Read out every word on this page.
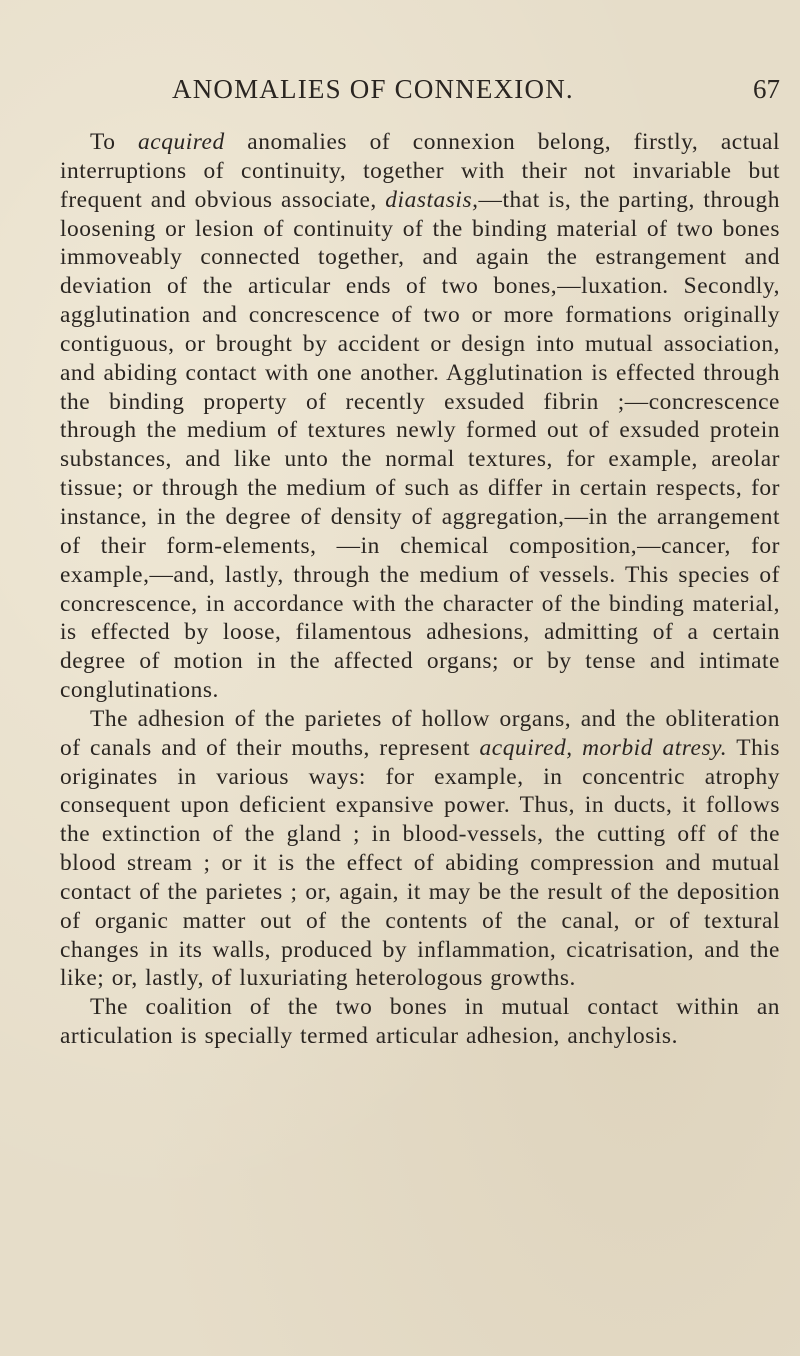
ANOMALIES OF CONNEXION.	67

To acquired anomalies of connexion belong, firstly, actual interruptions of continuity, together with their not invariable but frequent and obvious associate, diastasis,—that is, the parting, through loosening or lesion of continuity of the binding material of two bones immoveably connected together, and again the estrangement and deviation of the articular ends of two bones,—luxation. Secondly, agglutination and concrescence of two or more formations originally contiguous, or brought by accident or design into mutual association, and abiding contact with one another. Agglutination is effected through the binding property of recently exsuded fibrin ;—concrescence through the medium of textures newly formed out of exsuded protein substances, and like unto the normal textures, for example, areolar tissue; or through the medium of such as differ in certain respects, for instance, in the degree of density of aggregation,—in the arrangement of their form-elements, —in chemical composition,—cancer, for example,—and, lastly, through the medium of vessels. This species of concrescence, in accordance with the character of the binding material, is effected by loose, filamentous adhesions, admitting of a certain degree of motion in the affected organs; or by tense and intimate conglutinations.

The adhesion of the parietes of hollow organs, and the obliteration of canals and of their mouths, represent acquired, morbid atresy. This originates in various ways: for example, in concentric atrophy consequent upon deficient expansive power. Thus, in ducts, it follows the extinction of the gland ; in blood-vessels, the cutting off of the blood stream ; or it is the effect of abiding compression and mutual contact of the parietes ; or, again, it may be the result of the deposition of organic matter out of the contents of the canal, or of textural changes in its walls, produced by inflammation, cicatrisation, and the like; or, lastly, of luxuriating heterologous growths.

The coalition of the two bones in mutual contact within an articulation is specially termed articular adhesion, anchylosis.
